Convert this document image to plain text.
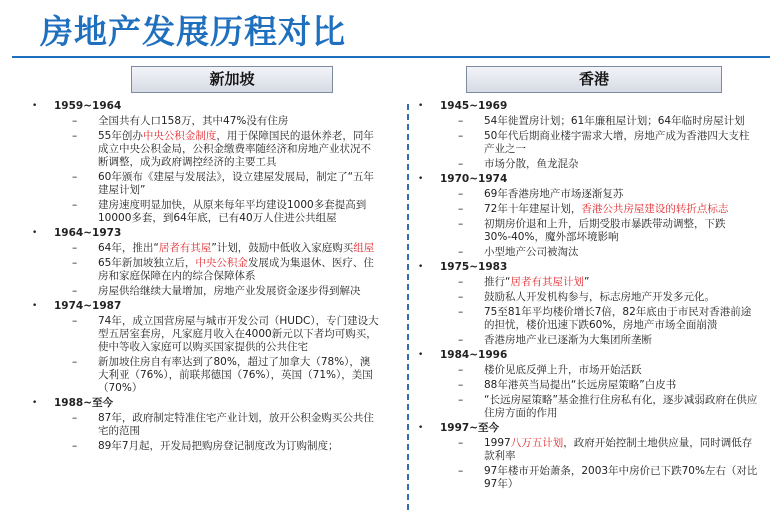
房地产发展历程对比
新加坡	香港
•	1959~1964
– 全国共有人口158万，其中47%没有住房
– 55年创办中央公积金制度，用于保障国民的退休养老，同年成立中央公积金局，公积金缴费率随经济和房地产业状况不断调整，成为政府调控经济的主要工具
– 60年颁布《建屋与发展法》，设立建屋发展局，制定了“五年建屋计划”
– 建房速度明显加快，从原来每年平均建设1000多套提高到10000多套，到64年底，已有40万人住进公共组屋
•	1964~1973
– 64年，推出“居者有其屋”计划，鼓励中低收入家庭购买组屋
– 65年新加坡独立后，中央公积金发展成为集退休、医疗、住房和家庭保障在内的综合保障体系
– 房屋供给继续大量增加，房地产业发展资金逐步得到解决
•	1974~1987
– 74年，成立国营房屋与城市开发公司（HUDC），专门建设大型五居室套房，凡家庭月收入在4000新元以下者均可购买，使中等收入家庭可以购买国家提供的公共住宅
– 新加坡住房自有率达到了80%，超过了加拿大（78%），澳大利亚（76%），前联邦德国（76%），英国（71%），美国（70%）
•	1988~至今
– 87年，政府制定特准住宅产业计划，放开公积金购买公共住宅的范围
– 89年7月起，开发局把购房登记制度改为订购制度；
•	1945~1969
– 54年徙置房计划；61年廉租屋计划；64年临时房屋计划
– 50年代后期商业楼宇需求大增，房地产成为香港四大支柱产业之一
– 市场分散，鱼龙混杂
•	1970~1974
– 69年香港房地产市场逐渐复苏
– 72年十年建屋计划，香港公共房屋建设的转折点标志
– 初期房价退和上升，后期受股市暴跌带动调整，下跌30%-40%，魔外部坏境影响
– 小型地产公司被淘汰
•	1975~1983
– 推行“居者有其屋计划”
– 鼓励私人开发机构参与，标志房地产开发多元化。
– 75至81年平均楼价增长7倍，82年底由于市民对香港前途的担忧，楼价迅速下跌60%，房地产市场全面崩溃
– 香港房地产业已逐渐为大集团所垄断
•	1984~1996
– 楼价见底反弹上升，市场开始活跃
– 88年港英当局提出“长远房屋策略”白皮书
– “长远房屋策略”基金推行住房私有化，逐步减弱政府在供应住房方面的作用
•	1997~至今
– 1997八万五计划，政府开始控制土地供应量，同时调低存款利率
– 97年楼市开始萧条，2003年中房价已下跌70%左右（对比97年）
